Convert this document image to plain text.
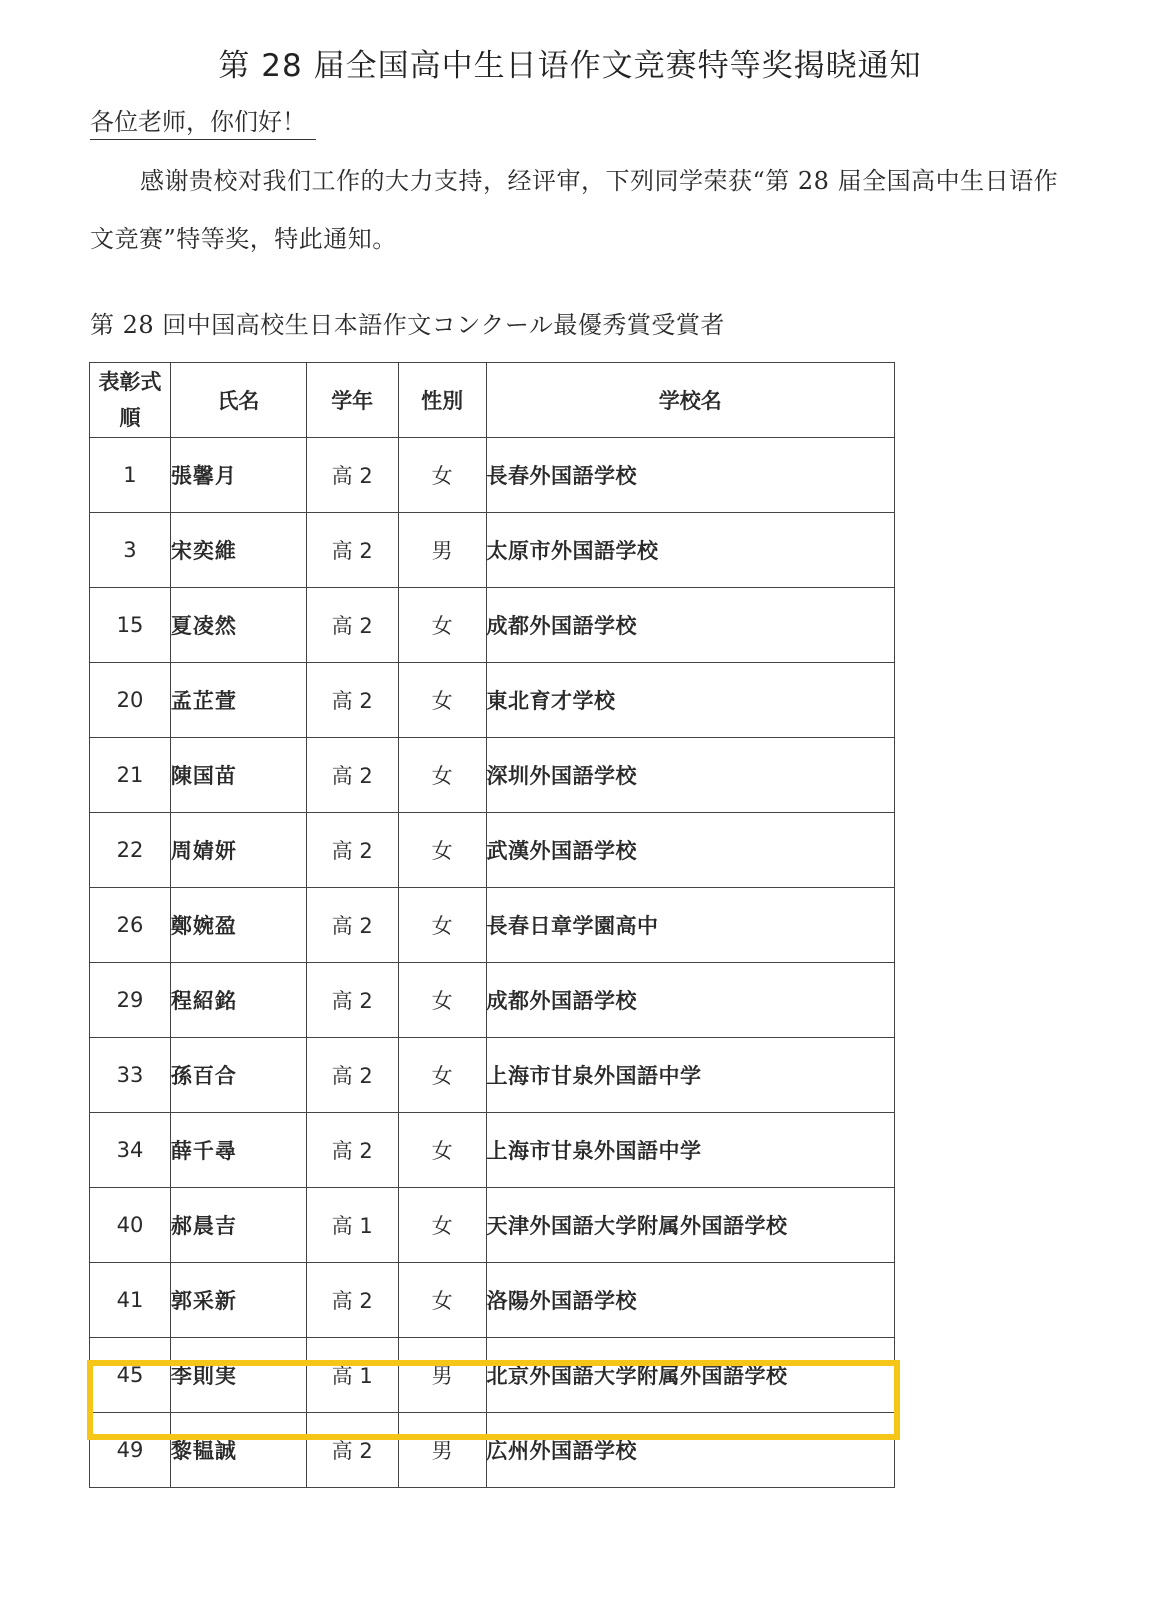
第 28 届全国高中生日语作文竞赛特等奖揭晓通知
各位老师，你们好！
感谢贵校对我们工作的大力支持，经评审，下列同学荣获“第 28 届全国高中生日语作文竞赛”特等奖，特此通知。
第 28 回中国高校生日本語作文コンクール最優秀賞受賞者
表彰式
順	氏名	学年	性別	学校名
1	張馨月	高 2	女	長春外国語学校
3	宋奕維	高 2	男	太原市外国語学校
15	夏凌然	高 2	女	成都外国語学校
20	孟芷萱	高 2	女	東北育才学校
21	陳国苗	高 2	女	深圳外国語学校
22	周婧妍	高 2	女	武漢外国語学校
26	鄭婉盈	高 2	女	長春日章学園高中
29	程紹銘	高 2	女	成都外国語学校
33	孫百合	高 2	女	上海市甘泉外国語中学
34	薛千尋	高 2	女	上海市甘泉外国語中学
40	郝晨吉	高 1	女	天津外国語大学附属外国語学校
41	郭采新	高 2	女	洛陽外国語学校
45	李則実	高 1	男	北京外国語大学附属外国語学校
49	黎韫誠	高 2	男	広州外国語学校
